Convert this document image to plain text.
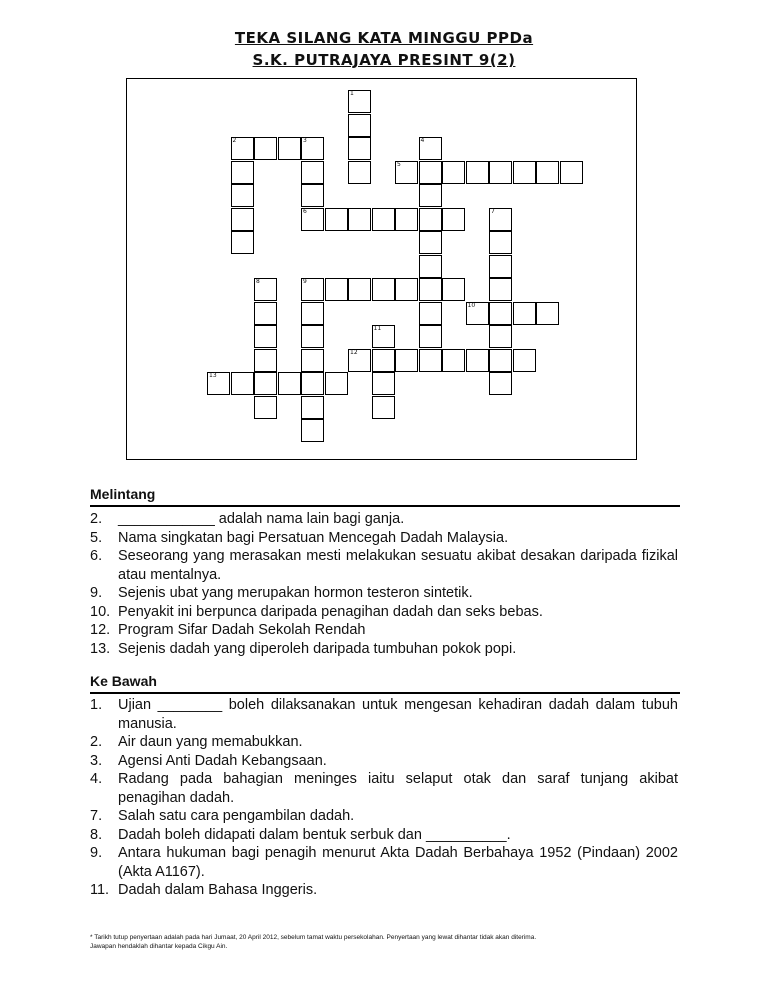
TEKA SILANG KATA MINGGU PPDa
S.K. PUTRAJAYA PRESINT 9(2)
1
2	3
6
4
5
7
8	9
10
11
12
13
Melintang
2. ____________ adalah nama lain bagi ganja.
5. Nama singkatan bagi Persatuan Mencegah Dadah Malaysia.
6. Seseorang yang merasakan mesti melakukan sesuatu akibat desakan daripada fizikal atau mentalnya.
9. Sejenis ubat yang merupakan hormon testeron sintetik.
10. Penyakit ini berpunca daripada penagihan dadah dan seks bebas.
12. Program Sifar Dadah Sekolah Rendah
13. Sejenis dadah yang diperoleh daripada tumbuhan pokok popi.
Ke Bawah
1. Ujian ________ boleh dilaksanakan untuk mengesan kehadiran dadah dalam tubuh manusia.
2. Air daun yang memabukkan.
3. Agensi Anti Dadah Kebangsaan.
4. Radang pada bahagian meninges iaitu selaput otak dan saraf tunjang akibat penagihan dadah.
7. Salah satu cara pengambilan dadah.
8. Dadah boleh didapati dalam bentuk serbuk dan __________.
9. Antara hukuman bagi penagih menurut Akta Dadah Berbahaya 1952 (Pindaan) 2002 (Akta A1167).
11. Dadah dalam Bahasa Inggeris.
* Tarikh tutup penyertaan adalah pada hari Jumaat, 20 April 2012, sebelum tamat waktu persekolahan. Penyertaan yang lewat dihantar tidak akan diterima.
Jawapan hendaklah dihantar kepada Cikgu Ain.
